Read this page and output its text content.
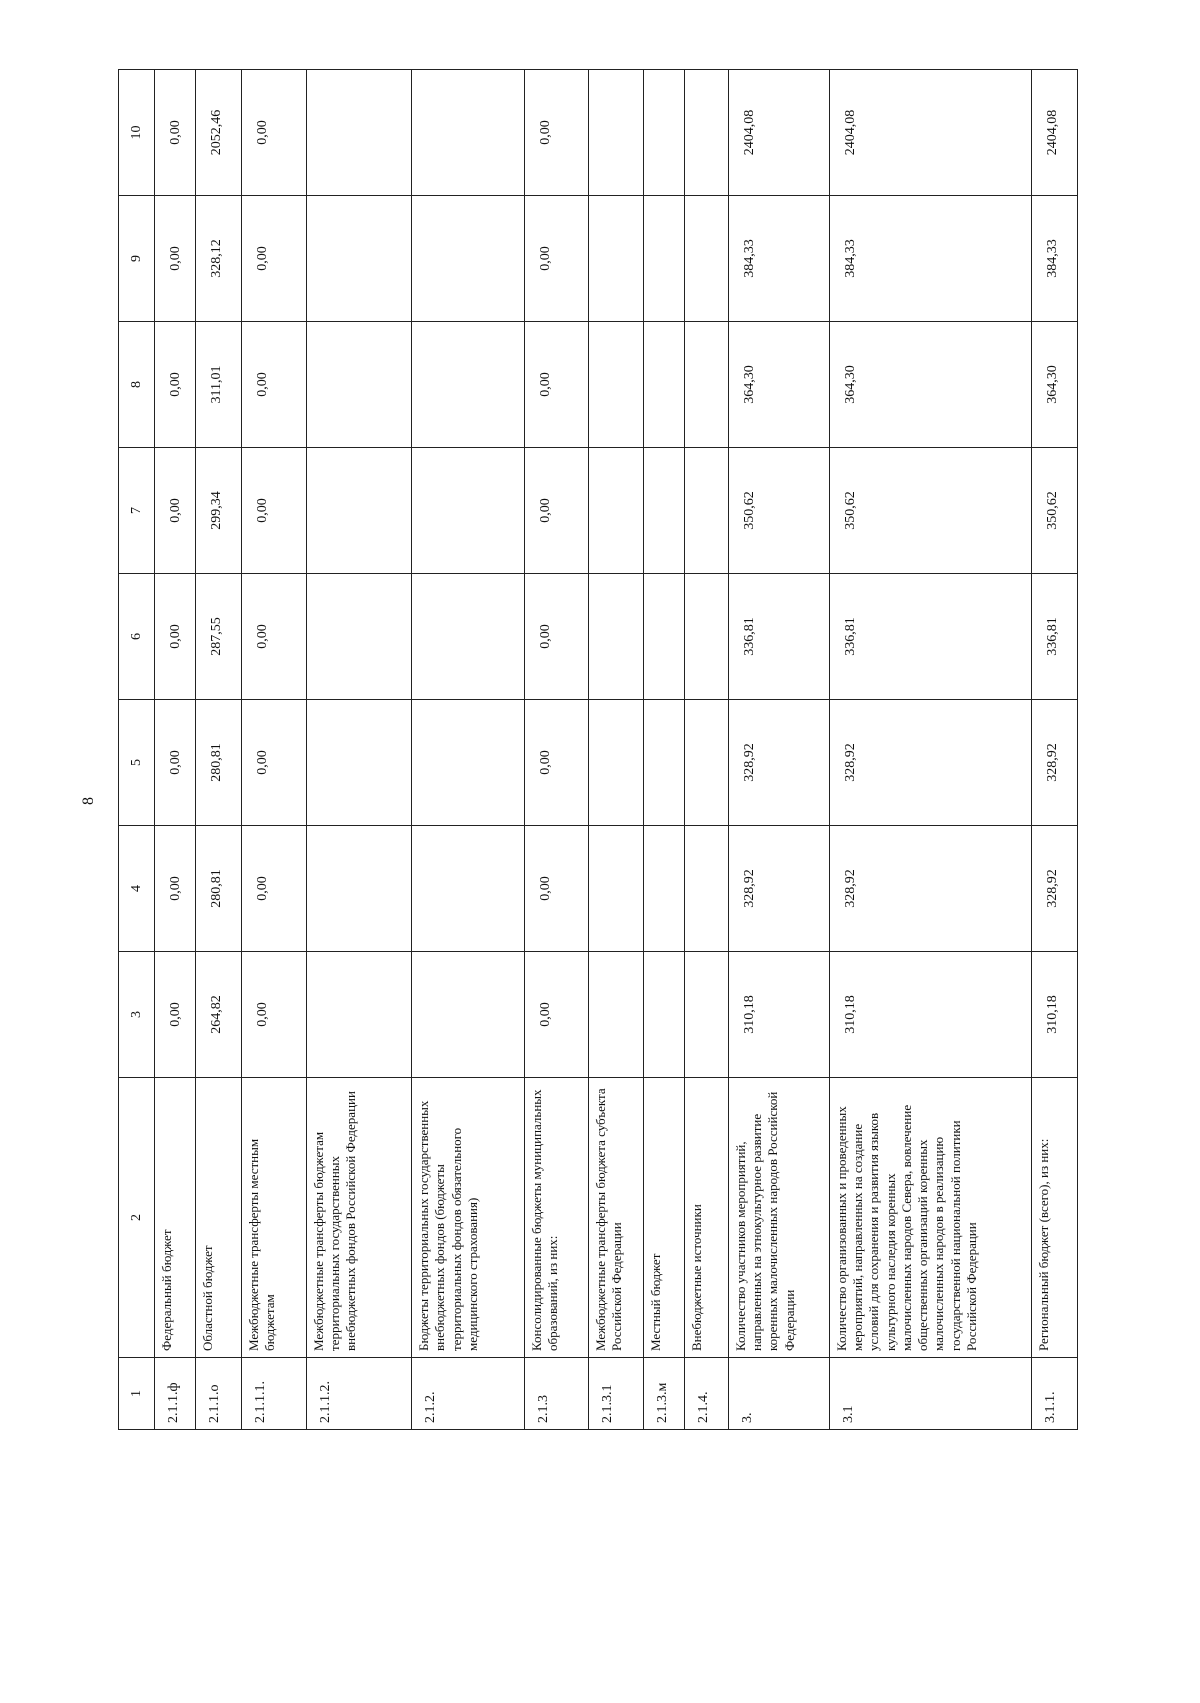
8
1	2	3	4	5	6	7	8	9	10
2.1.1.ф	Федеральный бюджет	0,00	0,00	0,00	0,00	0,00	0,00	0,00	0,00
2.1.1.о	Областной бюджет	264,82	280,81	280,81	287,55	299,34	311,01	328,12	2052,46
2.1.1.1.	Межбюджетные трансферты местным бюджетам	0,00	0,00	0,00	0,00	0,00	0,00	0,00	0,00
2.1.1.2.	Межбюджетные трансферты бюджетам территориальных государственных внебюджетных фондов Российской Федерации								
2.1.2.	Бюджеты территориальных государственных внебюджетных фондов (бюджеты территориальных фондов обязательного медицинского страхования)								
2.1.3	Консолидированные бюджеты муниципальных образований, из них:	0,00	0,00	0,00	0,00	0,00	0,00	0,00	0,00
2.1.3.1	Межбюджетные трансферты бюджета субъекта Российской Федерации								
2.1.3.м	Местный бюджет								
2.1.4.	Внебюджетные источники								
3.	Количество участников мероприятий, направленных на этнокультурное развитие коренных малочисленных народов Российской Федерации	310,18	328,92	328,92	336,81	350,62	364,30	384,33	2404,08
3.1	Количество организованных и проведенных мероприятий, направленных на создание условий для сохранения и развития языков культурного наследия коренных малочисленных народов Севера, вовлечение общественных организаций коренных малочисленных народов в реализацию государственной национальной политики Российской Федерации	310,18	328,92	328,92	336,81	350,62	364,30	384,33	2404,08
3.1.1.	Региональный бюджет (всего), из них:	310,18	328,92	328,92	336,81	350,62	364,30	384,33	2404,08
